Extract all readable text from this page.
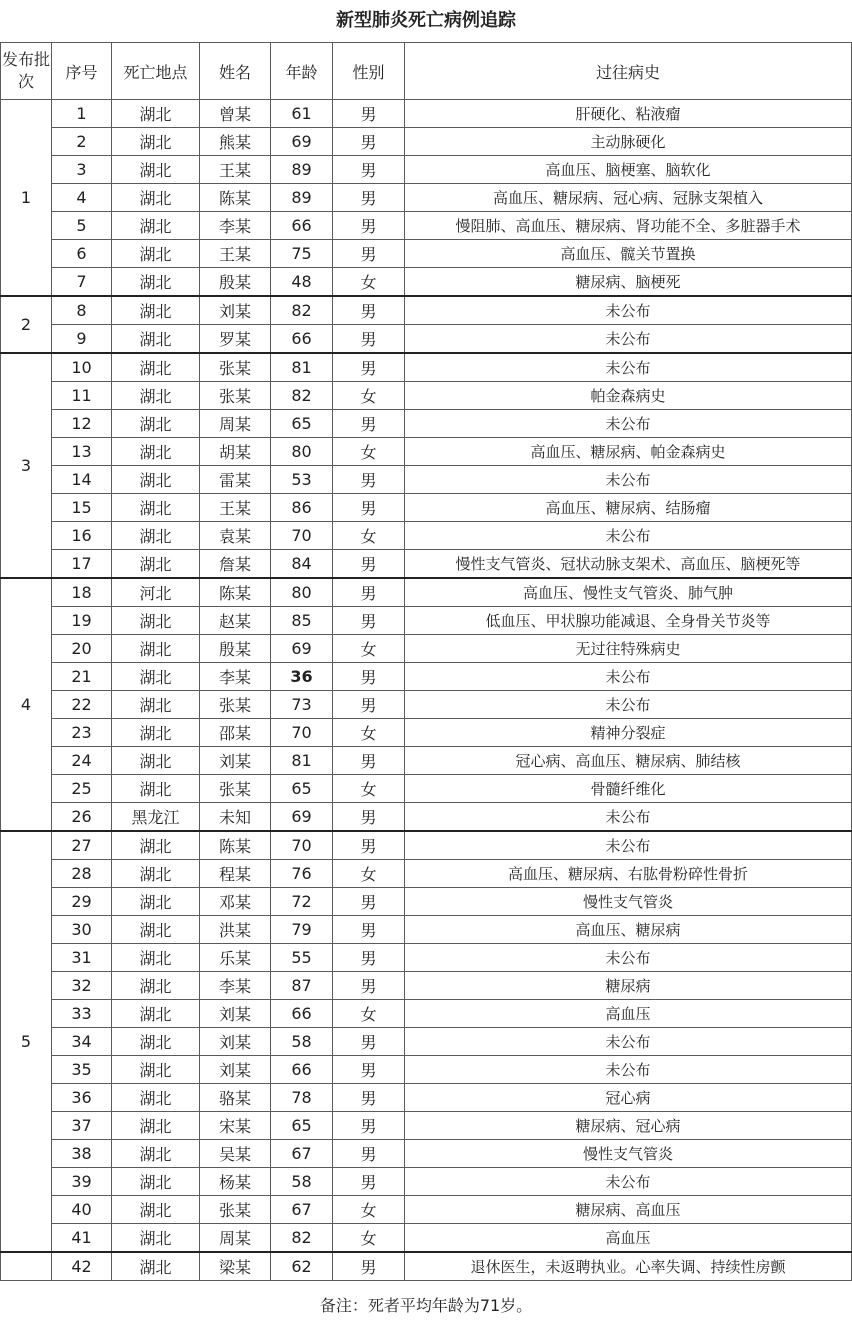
新型肺炎死亡病例追踪
发布批次	序号	死亡地点	姓名	年龄	性别	过往病史
1	1	湖北	曾某	61	男	肝硬化、粘液瘤
	2	湖北	熊某	69	男	主动脉硬化
	3	湖北	王某	89	男	高血压、脑梗塞、脑软化
	4	湖北	陈某	89	男	高血压、糖尿病、冠心病、冠脉支架植入
	5	湖北	李某	66	男	慢阻肺、高血压、糖尿病、肾功能不全、多脏器手术
	6	湖北	王某	75	男	高血压、髋关节置换
	7	湖北	殷某	48	女	糖尿病、脑梗死
2	8	湖北	刘某	82	男	未公布
	9	湖北	罗某	66	男	未公布
3	10	湖北	张某	81	男	未公布
	11	湖北	张某	82	女	帕金森病史
	12	湖北	周某	65	男	未公布
	13	湖北	胡某	80	女	高血压、糖尿病、帕金森病史
	14	湖北	雷某	53	男	未公布
	15	湖北	王某	86	男	高血压、糖尿病、结肠瘤
	16	湖北	袁某	70	女	未公布
	17	湖北	詹某	84	男	慢性支气管炎、冠状动脉支架术、高血压、脑梗死等
4	18	河北	陈某	80	男	高血压、慢性支气管炎、肺气肿
	19	湖北	赵某	85	男	低血压、甲状腺功能减退、全身骨关节炎等
	20	湖北	殷某	69	女	无过往特殊病史
	21	湖北	李某	36	男	未公布
	22	湖北	张某	73	男	未公布
	23	湖北	邵某	70	女	精神分裂症
	24	湖北	刘某	81	男	冠心病、高血压、糖尿病、肺结核
	25	湖北	张某	65	女	骨髓纤维化
	26	黑龙江	未知	69	男	未公布
5	27	湖北	陈某	70	男	未公布
	28	湖北	程某	76	女	高血压、糖尿病、右肱骨粉碎性骨折
	29	湖北	邓某	72	男	慢性支气管炎
	30	湖北	洪某	79	男	高血压、糖尿病
	31	湖北	乐某	55	男	未公布
	32	湖北	李某	87	男	糖尿病
	33	湖北	刘某	66	女	高血压
	34	湖北	刘某	58	男	未公布
	35	湖北	刘某	66	男	未公布
	36	湖北	骆某	78	男	冠心病
	37	湖北	宋某	65	男	糖尿病、冠心病
	38	湖北	吴某	67	男	慢性支气管炎
	39	湖北	杨某	58	男	未公布
	40	湖北	张某	67	女	糖尿病、高血压
	41	湖北	周某	82	女	高血压
	42	湖北	梁某	62	男	退休医生，未返聘执业。心率失调、持续性房颤
备注：死者平均年龄为71岁。						
